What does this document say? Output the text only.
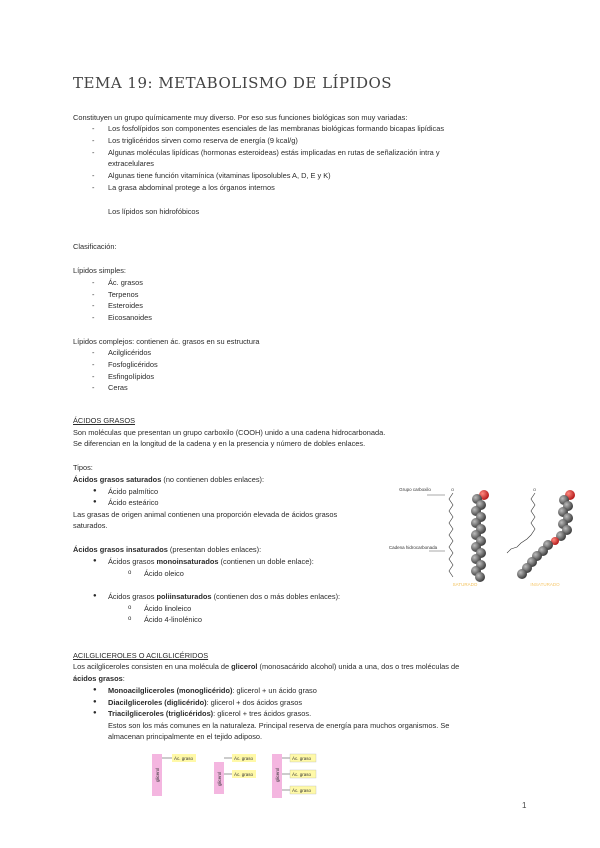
TEMA 19: METABOLISMO DE LÍPIDOS
Constituyen un grupo químicamente muy diverso. Por eso sus funciones biológicas son muy variadas:
- Los fosfolípidos son componentes esenciales de las membranas biológicas formando bicapas lipídicas
- Los triglicéridos sirven como reserva de energía (9 kcal/g)
- Algunas moléculas lipídicas (hormonas esteroideas) estás implicadas en rutas de señalización intra y
extracelulares
- Algunas tiene función vitamínica (vitaminas liposolubles A, D, E y K)
- La grasa abdominal protege a los órganos internos
Los lípidos son hidrofóbicos
Clasificación:
Lípidos simples:
- Ác. grasos
- Terpenos
- Esteroides
- Eicosanoides
Lípidos complejos: contienen ác. grasos en su estructura
- Acilglicéridos
- Fosfoglicéridos
- Esfingolípidos
- Ceras
ÁCIDOS GRASOS
Son moléculas que presentan un grupo carboxilo (COOH) unido a una cadena hidrocarbonada.
Se diferencian en la longitud de la cadena y en la presencia y número de dobles enlaces.
Tipos:
Ácidos grasos saturados (no contienen dobles enlaces):
● Ácido palmítico
● Ácido esteárico
Las grasas de origen animal contienen una proporción elevada de ácidos grasos
saturados.
Ácidos grasos insaturados (presentan dobles enlaces):
● Ácidos grasos monoinsaturados (contienen un doble enlace):
o Ácido oleico
● Ácidos grasos poliinsaturados (contienen dos o más dobles enlaces):
o Ácido linoleico
o Ácido 4-linolénico
Grupo carboxilo
Cadena hidrocarbonada
O
SATURADO
O
INSATURADO
ACILGLICEROLES O ACILGLICÉRIDOS
Los acilgliceroles consisten en una molécula de glicerol (monosacárido alcohol) unida a una, dos o tres moléculas de
ácidos grasos:
● Monoacilgliceroles (monoglicérido): glicerol + un ácido graso
● Diacilgliceroles (diglicérido): glicerol + dos ácidos grasos
● Triacilgliceroles (triglicéridos): glicerol + tres ácidos grasos.
Estos son los más comunes en la naturaleza. Principal reserva de energía para muchos organismos. Se
almacenan principalmente en el tejido adiposo.
glicerol
Ác. graso
glicerol
Ác. graso
Ác. graso	glicerol
Ác. graso
Ác. graso
Ác. graso
1
